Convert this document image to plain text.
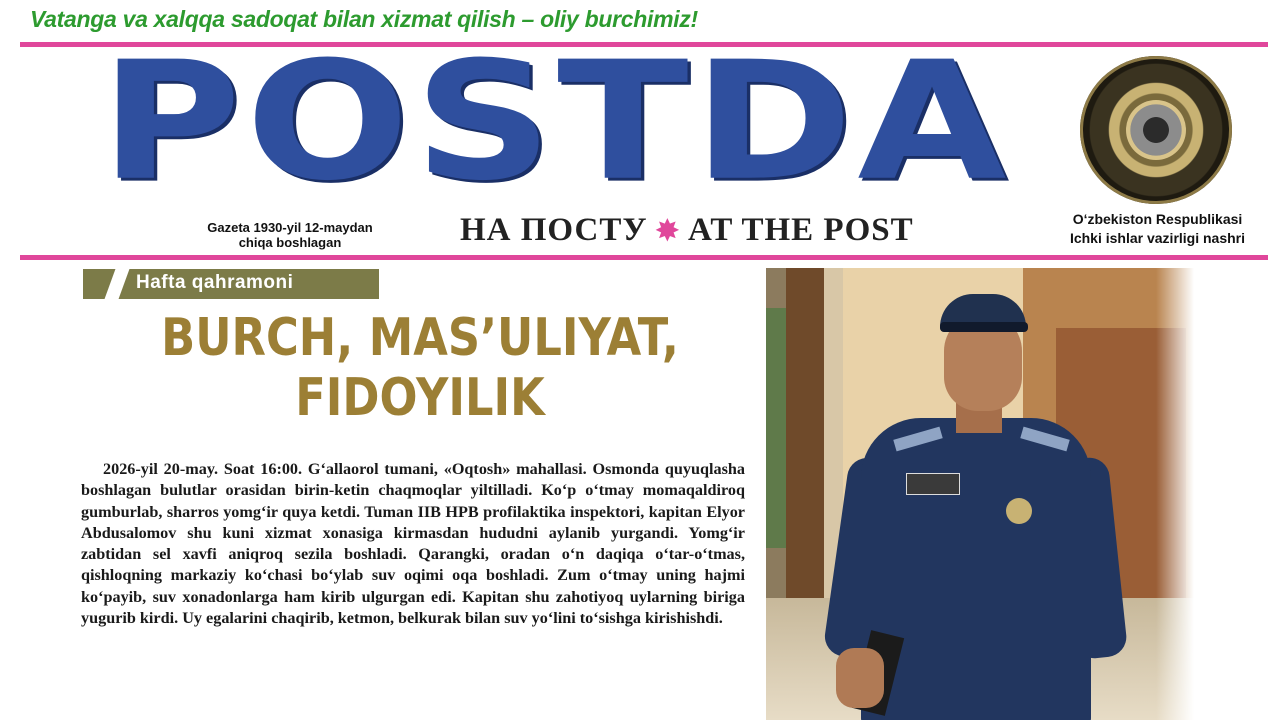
Vatanga va xalqqa sadoqat bilan xizmat qilish – oliy burchimiz!
POSTDA
Gazeta 1930-yil 12-maydan
chiqa boshlagan	НА ПОСТУ ✸ AT THE POST	O‘zbekiston Respublikasi
Ichki ishlar vazirligi nashri
Hafta qahramoni
BURCH, MAS’ULIYAT,
FIDOYILIK
2026-yil 20-may. Soat 16:00. G‘allaorol tumani, «Oqtosh» mahallasi. Osmonda quyuqlasha boshlagan bulutlar orasidan birin-ketin chaqmoqlar yiltilladi. Ko‘p o‘tmay momaqaldiroq gumburlab, sharros yomg‘ir quya ketdi. Tuman IIB HPB profilaktika inspektori, kapitan Elyor Abdusalomov shu kuni xizmat xonasiga kirmasdan hududni aylanib yurgandi. Yomg‘ir zabtidan sel xavfi aniqroq sezila boshladi. Qarangki, oradan o‘n daqiqa o‘tar-o‘tmas, qishloqning markaziy ko‘chasi bo‘ylab suv oqimi oqa boshladi. Zum o‘tmay uning hajmi ko‘payib, suv xonadonlarga ham kirib ulgurgan edi. Kapitan shu zahotiyoq uylarning biriga yugurib kirdi. Uy egalarini chaqirib, ketmon, belkurak bilan suv yo‘lini to‘sishga kirishishdi.
